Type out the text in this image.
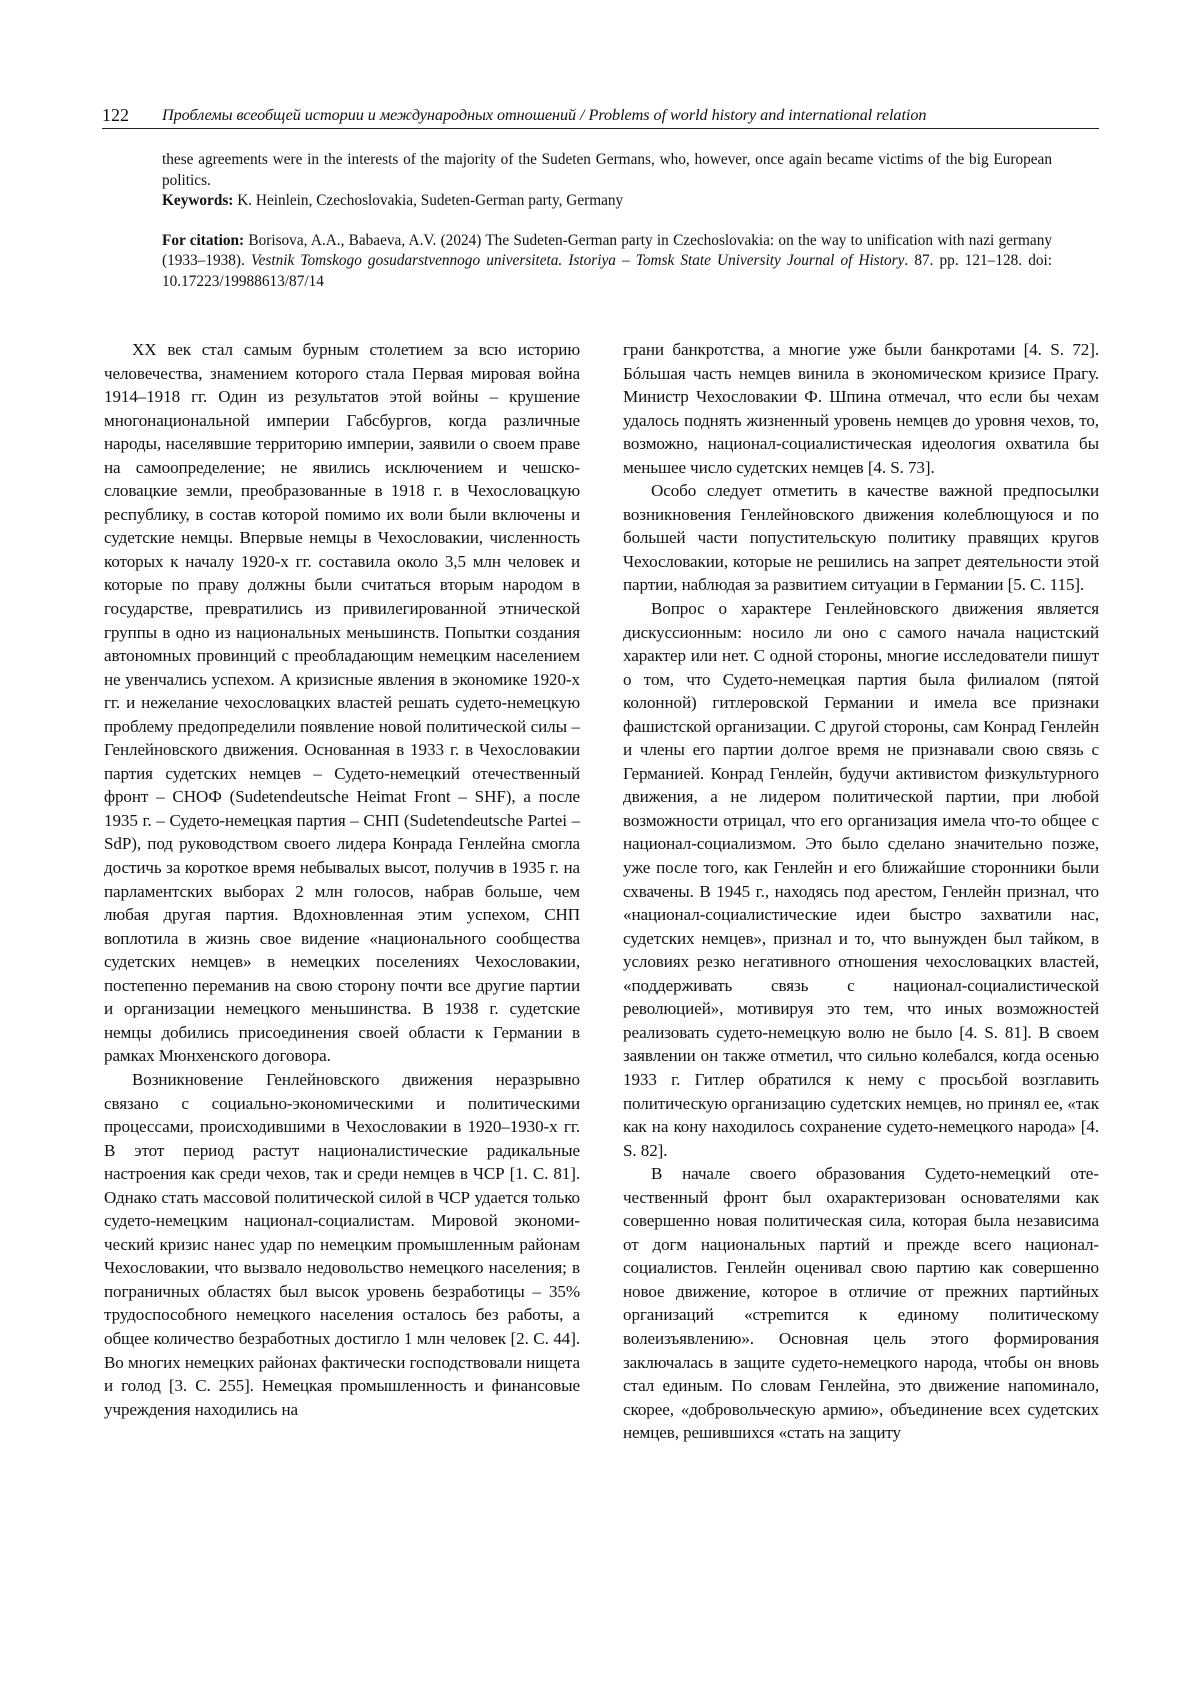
122 Проблемы всеобщей истории и международных отношений / Problems of world history and international relation

these agreements were in the interests of the majority of the Sudeten Germans, who, however, once again became victims of the big European politics.

Keywords: K. Heinlein, Czechoslovakia, Sudeten-German party, Germany

For citation: Borisova, A.A., Babaeva, A.V. (2024) The Sudeten-German party in Czechoslovakia: on the way to unification with nazi germany (1933–1938). Vestnik Tomskogo gosudarstvennogo universiteta. Istoriya – Tomsk State University Journal of History. 87. pp. 121–128. doi: 10.17223/19988613/87/14

ХХ век стал самым бурным столетием за всю историю человечества, знамением которого стала Первая мировая война 1914–1918 гг. Один из результатов этой войны – крушение многонациональной империи Габсбургов, когда различные народы, населявшие территорию империи, заявили о своем праве на самоопределение; не явились исключением и чешско-словацкие земли, преобразованные в 1918 г. в Чехословацкую республику, в состав которой помимо их воли были включены и судетские немцы. Впервые немцы в Чехословакии, численность которых к началу 1920-х гг. составила около 3,5 млн человек и которые по праву должны были считаться вторым народом в государстве, превратились из привилегированной этнической группы в одно из национальных меньшинств. Попытки создания автономных провинций с преобладающим немецким населением не увенчались успехом. А кризисные явления в экономике 1920-х гг. и нежелание чехословацких властей решать судето-немецкую проблему предопределили появление новой политической силы – Генлейновского движения. Основанная в 1933 г. в Чехословакии партия судетских немцев – Судето-немецкий отечественный фронт – СНОФ (Sudetendeutsche Heimat Front – SHF), а после 1935 г. – Судето-немецкая партия – СНП (Sudetendeutsche Partei – SdP), под руководством своего лидера Конрада Генлейна смогла достичь за короткое время небывалых высот, получив в 1935 г. на парламентских выборах 2 млн голосов, набрав больше, чем любая другая партия. Вдохновленная этим успехом, СНП воплотила в жизнь свое видение «национального сообщества судетских немцев» в немецких поселениях Чехословакии, постепенно переманив на свою сторону почти все другие партии и организации немецкого меньшинства. В 1938 г. судетские немцы добились присоединения своей области к Германии в рамках Мюнхенского договора.

Возникновение Генлейновского движения неразрывно связано с социально-экономическими и политическими процессами, происходившими в Чехословакии в 1920–1930-х гг. В этот период растут националистические радикальные настроения как среди чехов, так и среди немцев в ЧСР [1. С. 81]. Однако стать массовой политической силой в ЧСР удается только судето-немецким национал-социалистам. Мировой экономический кризис нанес удар по немецким промышленным районам Чехословакии, что вызвало недовольство немецкого населения; в пограничных областях был высок уровень безработицы – 35% трудоспособного немецкого населения осталось без работы, а общее количество безработных достигло 1 млн человек [2. С. 44]. Во многих немецких районах фактически господствовали нищета и голод [3. С. 255]. Немецкая промышленность и финансовые учреждения находились на

грани банкротства, а многие уже были банкротами [4. S. 72]. Бóльшая часть немцев винила в экономическом кризисе Прагу. Министр Чехословакии Ф. Шпина отмечал, что если бы чехам удалось поднять жизненный уровень немцев до уровня чехов, то, возможно, национал-социалистическая идеология охватила бы меньшее число судетских немцев [4. S. 73].

Особо следует отметить в качестве важной предпосылки возникновения Генлейновского движения колеблющуюся и по большей части попустительскую политику правящих кругов Чехословакии, которые не решились на запрет деятельности этой партии, наблюдая за развитием ситуации в Германии [5. С. 115].

Вопрос о характере Генлейновского движения является дискуссионным: носило ли оно с самого начала нацистский характер или нет. С одной стороны, многие исследователи пишут о том, что Судето-немецкая партия была филиалом (пятой колонной) гитлеровской Германии и имела все признаки фашистской организации. С другой стороны, сам Конрад Генлейн и члены его партии долгое время не признавали свою связь с Германией. Конрад Генлейн, будучи активистом физкультурного движения, а не лидером политической партии, при любой возможности отрицал, что его организация имела что-то общее с национал-социализмом. Это было сделано значительно позже, уже после того, как Генлейн и его ближайшие сторонники были схвачены. В 1945 г., находясь под арестом, Генлейн признал, что «национал-социалистические идеи быстро захватили нас, судетских немцев», признал и то, что вынужден был тайком, в условиях резко негативного отношения чехословацких властей, «поддерживать связь с национал-социалистической революцией», мотивируя это тем, что иных возможностей реализовать судето-немецкую волю не было [4. S. 81]. В своем заявлении он также отметил, что сильно колебался, когда осенью 1933 г. Гитлер обратился к нему с просьбой возглавить политическую организацию судетских немцев, но принял ее, «так как на кону находилось сохранение судето-немецкого народа» [4. S. 82].

В начале своего образования Судето-немецкий отечественный фронт был охарактеризован основателями как совершенно новая политическая сила, которая была независима от догм национальных партий и прежде всего национал-социалистов. Генлейн оценивал свою партию как совершенно новое движение, которое в отличие от прежних партийных организаций «стреmится к единому политическому волеизъявлению». Основная цель этого формирования заключалась в защите судето-немецкого народа, чтобы он вновь стал единым. По словам Генлейна, это движение напоминало, скорее, «добровольческую армию», объединение всех судетских немцев, решившихся «стать на защиту
